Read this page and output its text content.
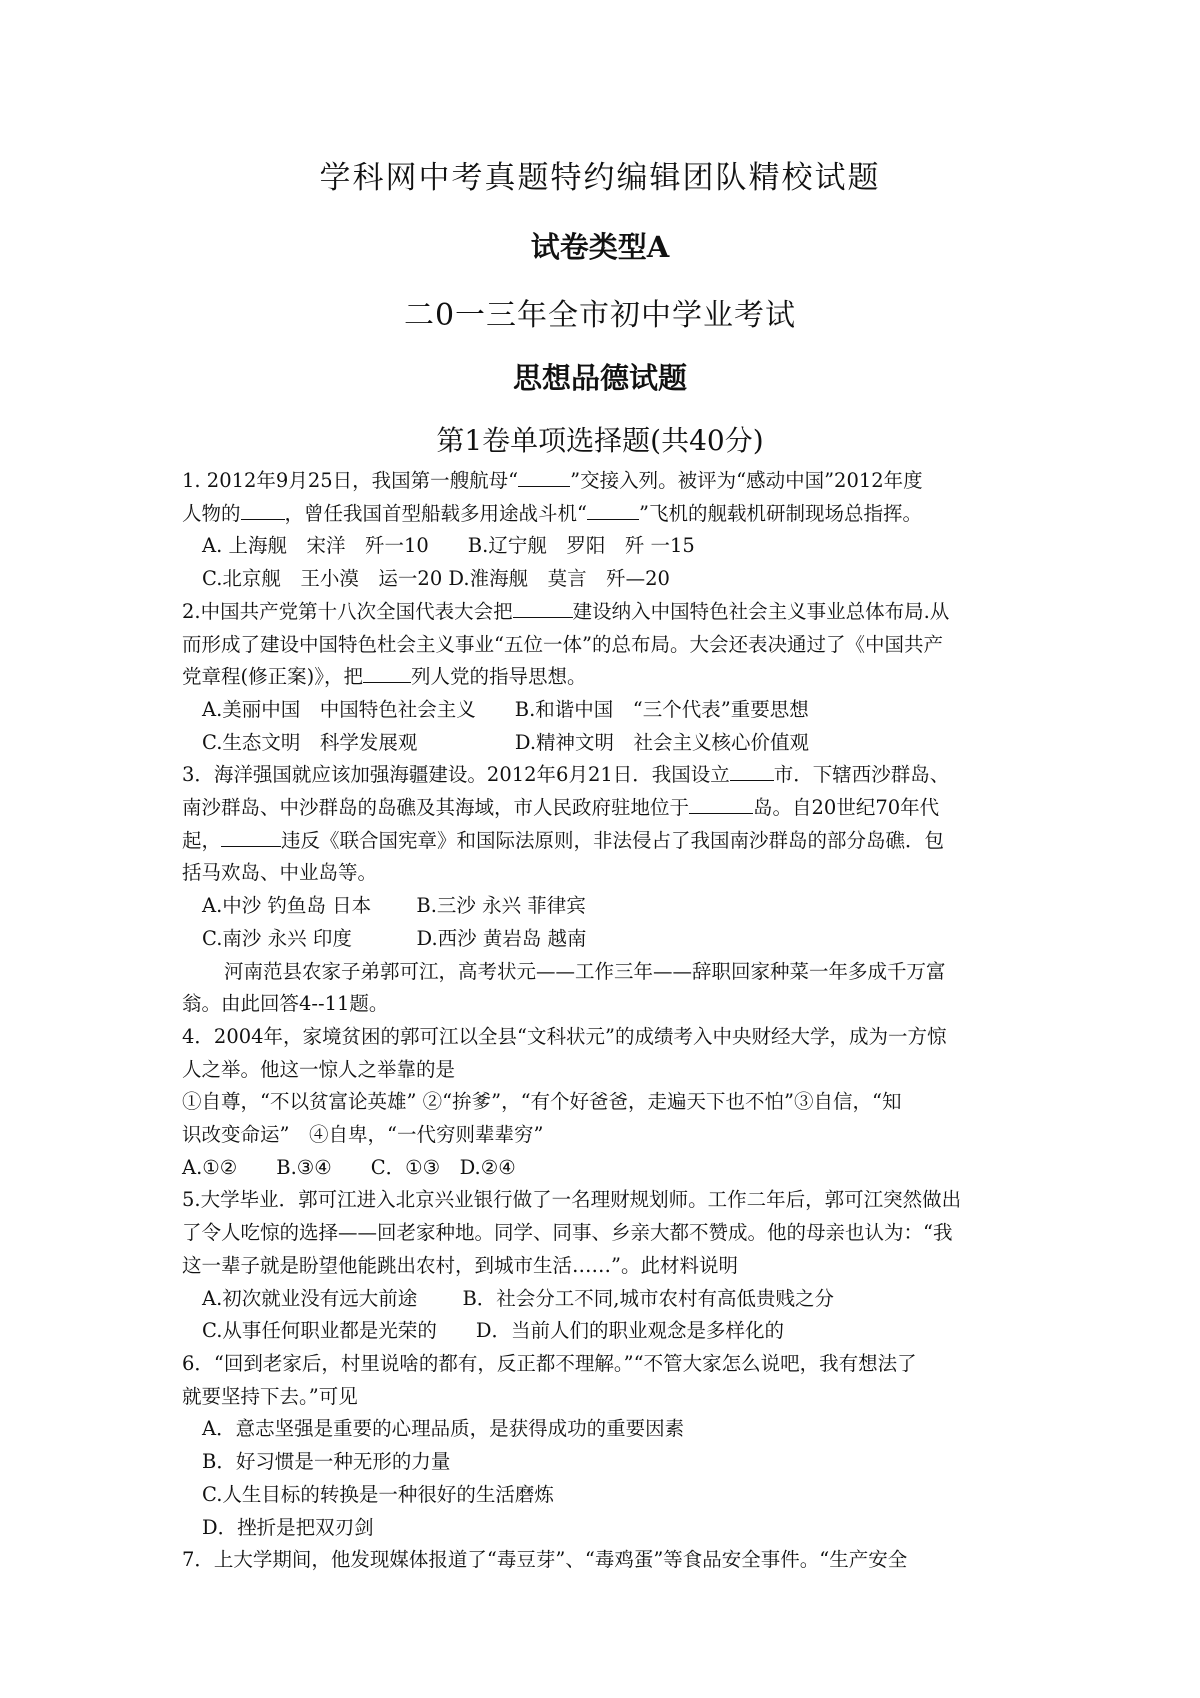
学科网中考真题特约编辑团队精校试题
试卷类型A
二0一三年全市初中学业考试
思想品德试题
第1卷单项选择题(共40分)

1. 2012年9月25日，我国第一艘航母“	”交接入列。被评为“感动中国”2012年度

人物的 ，曾任我国首型船载多用途战斗机“	”飞机的舰载机研制现场总指挥。

A. 上海舰　宋洋　歼一10　　B.辽宁舰　罗阳　歼 一15

C.北京舰　王小漠　运一20 D.淮海舰　莫言　歼—20

2.中国共产党第十八次全国代表大会把	建设纳入中国特色社会主义事业总体布局.从

而形成了建设中国特色杜会主义事业“五位一体”的总布局。大会还表决通过了《中国共产

党章程(修正案)》，把 列人党的指导思想。

A.美丽中国　中国特色社会主义　　B.和谐中国　“三个代表”重要思想

C.生态文明　科学发展观　　　　　D.精神文明　社会主义核心价值观

3．海洋强国就应该加强海疆建设。2012年6月21日．我国设立 市．下辖西沙群岛、

南沙群岛、中沙群岛的岛礁及其海域，市人民政府驻地位于	岛。自20世纪70年代

起，	违反《联合国宪章》和国际法原则，非法侵占了我国南沙群岛的部分岛礁．包

括马欢岛、中业岛等。

A.中沙 钓鱼岛 日本　　 B.三沙 永兴 菲律宾

C.南沙 永兴 印度　　　 D.西沙 黄岩岛 越南

河南范县农家子弟郭可江，高考状元——工作三年——辞职回家种菜一年多成千万富

翁。由此回答4--11题。

4．2004年，家境贫困的郭可江以全县“文科状元”的成绩考入中央财经大学，成为一方惊

人之举。他这一惊人之举靠的是

①自尊，“不以贫富论英雄” ②“拚爹”，“有个好爸爸，走遍天下也不怕”③自信，“知

识改变命运”　④自卑，“一代穷则辈辈穷”

A.①②　　B.③④　　C．①③　D.②④

5.大学毕业．郭可江进入北京兴业银行做了一名理财规划师。工作二年后，郭可江突然做出

了令人吃惊的选择——回老家种地。同学、同事、乡亲大都不赞成。他的母亲也认为：“我

这一辈子就是盼望他能跳出农村，到城市生活……”。此材料说明

A.初次就业没有远大前途　　 B．社会分工不同,城市农村有高低贵贱之分

C.从事任何职业都是光荣的　　D．当前人们的职业观念是多样化的

6．“回到老家后，村里说啥的都有，反正都不理解。”“不管大家怎么说吧，我有想法了

就要坚持下去。”可见

A．意志坚强是重要的心理品质，是获得成功的重要因素

B．好习惯是一种无形的力量

C.人生目标的转换是一种很好的生活磨炼

D．挫折是把双刃剑

7．上大学期间，他发现媒体报道了“毒豆芽”、“毒鸡蛋”等食品安全事件。“生产安全
